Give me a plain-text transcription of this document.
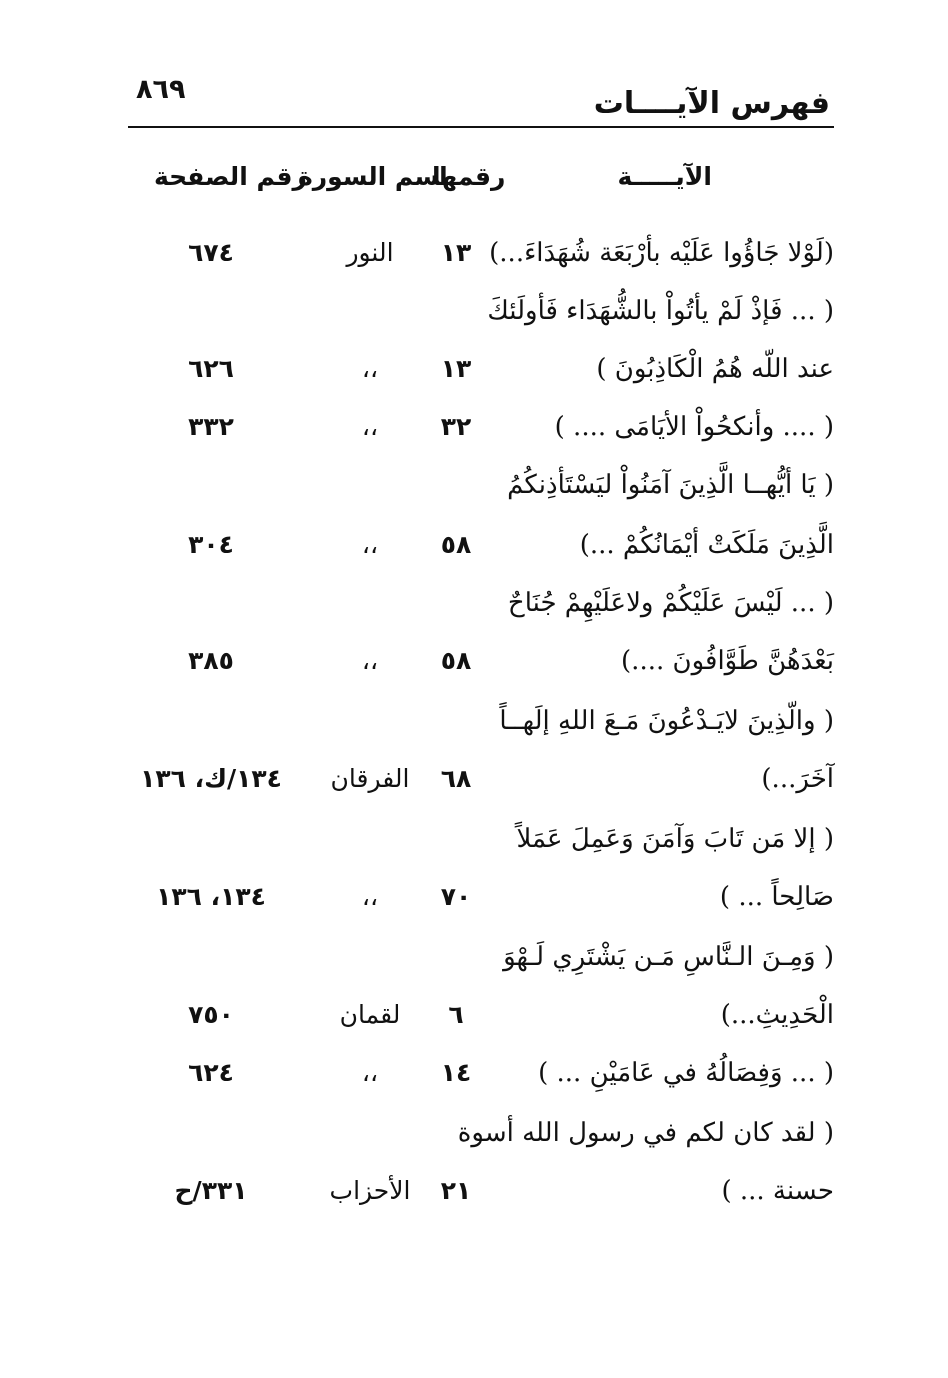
٨٦٩	فهرس الآيــــات
الآيـــــة
رقمها
اسم السورة
رقم الصفحة
(لَوْلا جَاؤُوا عَلَيْه بأرْبَعَة شُهَدَاءَ...)
١٣
النور
٦٧٤
( ... فَإذْ لَمْ يأتُواْ بالشُّهَدَاء فَأولَئكَ
عند اللّه هُمُ الْكَاذِبُونَ )
١٣
،،
٦٢٦
( .... وأنكحُواْ الأيَامَى .... )
٣٢
،،
٣٣٢
( يَا أيُّهــا الَّذِينَ آمَنُواْ ليَسْتَأذِنكُمُ
الَّذِينَ مَلَكَتْ أيْمَانُكُمْ ...)
٥٨
،،
٣٠٤
( ... لَيْسَ عَلَيْكُمْ ولاعَلَيْهِمْ جُنَاحٌ
بَعْدَهُنَّ طَوَّافُونَ ....)
٥٨
،،
٣٨٥
( والّذِينَ لايَـدْعُونَ مَـعَ اللهِ إلَهــاً
آخَرَ...)
٦٨
الفرقان
١٣٤/ك، ١٣٦
( إلا مَن تَابَ وَآمَنَ وَعَمِلَ عَمَلاً
صَالِحاً ... )
٧٠
،،
١٣٤، ١٣٦
( وَمِـنَ الـنَّاسِ مَـن يَشْتَرِي لَـهْوَ
الْحَدِيثِ...)
٦
لقمان
٧٥٠
( ... وَفِصَالُهُ في عَامَيْنِ ... )
١٤
،،
٦٢٤
( لقد كان لكم في رسول الله أسوة
حسنة ... )
٢١
الأحزاب
٣٣١/ح
